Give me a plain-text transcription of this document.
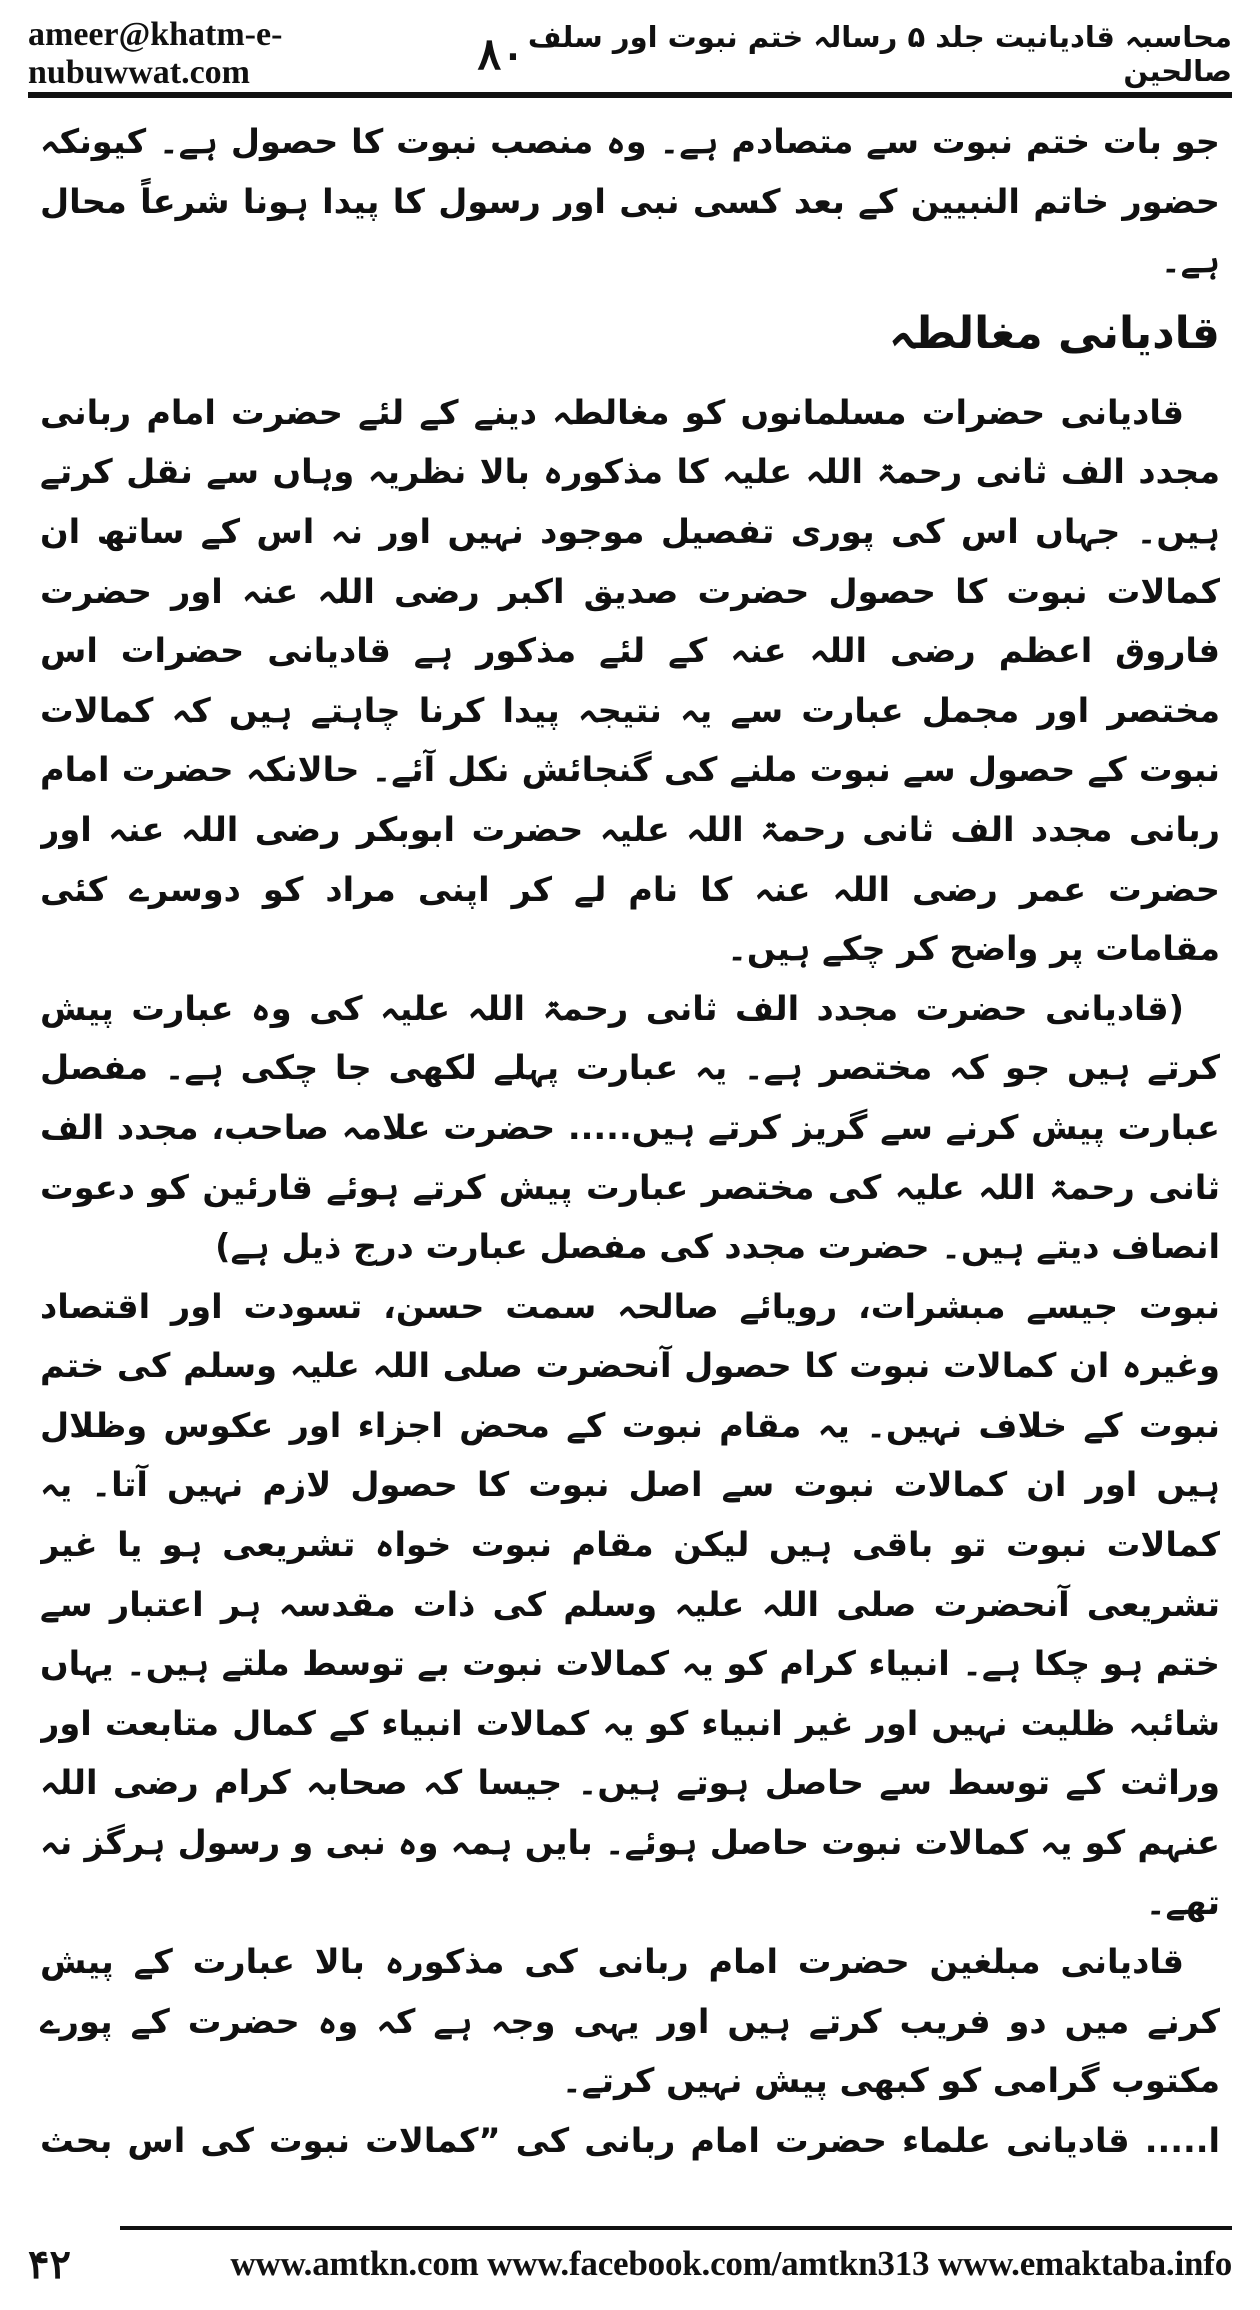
ameer@khatm-e-nubuwwat.com	۸۰ محاسبہ قادیانیت جلد ۵ رسالہ ختم نبوت اور سلف صالحین

جو بات ختم نبوت سے متصادم ہے۔ وہ منصب نبوت کا حصول ہے۔ کیونکہ حضور خاتم النبیین کے بعد کسی نبی اور رسول کا پیدا ہونا شرعاً محال ہے۔

قادیانی مغالطہ

قادیانی حضرات مسلمانوں کو مغالطہ دینے کے لئے حضرت امام ربانی مجدد الف ثانی رحمۃ اللہ علیہ کا مذکورہ بالا نظریہ وہاں سے نقل کرتے ہیں۔ جہاں اس کی پوری تفصیل موجود نہیں اور نہ اس کے ساتھ ان کمالات نبوت کا حصول حضرت صدیق اکبر رضی اللہ عنہ اور حضرت فاروق اعظم رضی اللہ عنہ کے لئے مذکور ہے قادیانی حضرات اس مختصر اور مجمل عبارت سے یہ نتیجہ پیدا کرنا چاہتے ہیں کہ کمالات نبوت کے حصول سے نبوت ملنے کی گنجائش نکل آئے۔ حالانکہ حضرت امام ربانی مجدد الف ثانی رحمۃ اللہ علیہ حضرت ابوبکر رضی اللہ عنہ اور حضرت عمر رضی اللہ عنہ کا نام لے کر اپنی مراد کو دوسرے کئی مقامات پر واضح کر چکے ہیں۔

(قادیانی حضرت مجدد الف ثانی رحمۃ اللہ علیہ کی وہ عبارت پیش کرتے ہیں جو کہ مختصر ہے۔ یہ عبارت پہلے لکھی جا چکی ہے۔ مفصل عبارت پیش کرنے سے گریز کرتے ہیں..... حضرت علامہ صاحب، مجدد الف ثانی رحمۃ اللہ علیہ کی مختصر عبارت پیش کرتے ہوئے قارئین کو دعوت انصاف دیتے ہیں۔ حضرت مجدد کی مفصل عبارت درج ذیل ہے)

نبوت جیسے مبشرات، رویائے صالحہ سمت حسن، تسودت اور اقتصاد وغیرہ ان کمالات نبوت کا حصول آنحضرت صلی اللہ علیہ وسلم کی ختم نبوت کے خلاف نہیں۔ یہ مقام نبوت کے محض اجزاء اور عکوس وظلال ہیں اور ان کمالات نبوت سے اصل نبوت کا حصول لازم نہیں آتا۔ یہ کمالات نبوت تو باقی ہیں لیکن مقام نبوت خواہ تشریعی ہو یا غیر تشریعی آنحضرت صلی اللہ علیہ وسلم کی ذات مقدسہ ہر اعتبار سے ختم ہو چکا ہے۔ انبیاء کرام کو یہ کمالات نبوت بے توسط ملتے ہیں۔ یہاں شائبہ ظلیت نہیں اور غیر انبیاء کو یہ کمالات انبیاء کے کمال متابعت اور وراثت کے توسط سے حاصل ہوتے ہیں۔ جیسا کہ صحابہ کرام رضی اللہ عنہم کو یہ کمالات نبوت حاصل ہوئے۔ بایں ہمہ وہ نبی و رسول ہرگز نہ تھے۔

قادیانی مبلغین حضرت امام ربانی کی مذکورہ بالا عبارت کے پیش کرنے میں دو فریب کرتے ہیں اور یہی وجہ ہے کہ وہ حضرت کے پورے مکتوب گرامی کو کبھی پیش نہیں کرتے۔

ا..... قادیانی علماء حضرت امام ربانی کی ”کمالات نبوت کی اس بحث

۴۲	www.amtkn.com www.facebook.com/amtkn313 www.emaktaba.info
